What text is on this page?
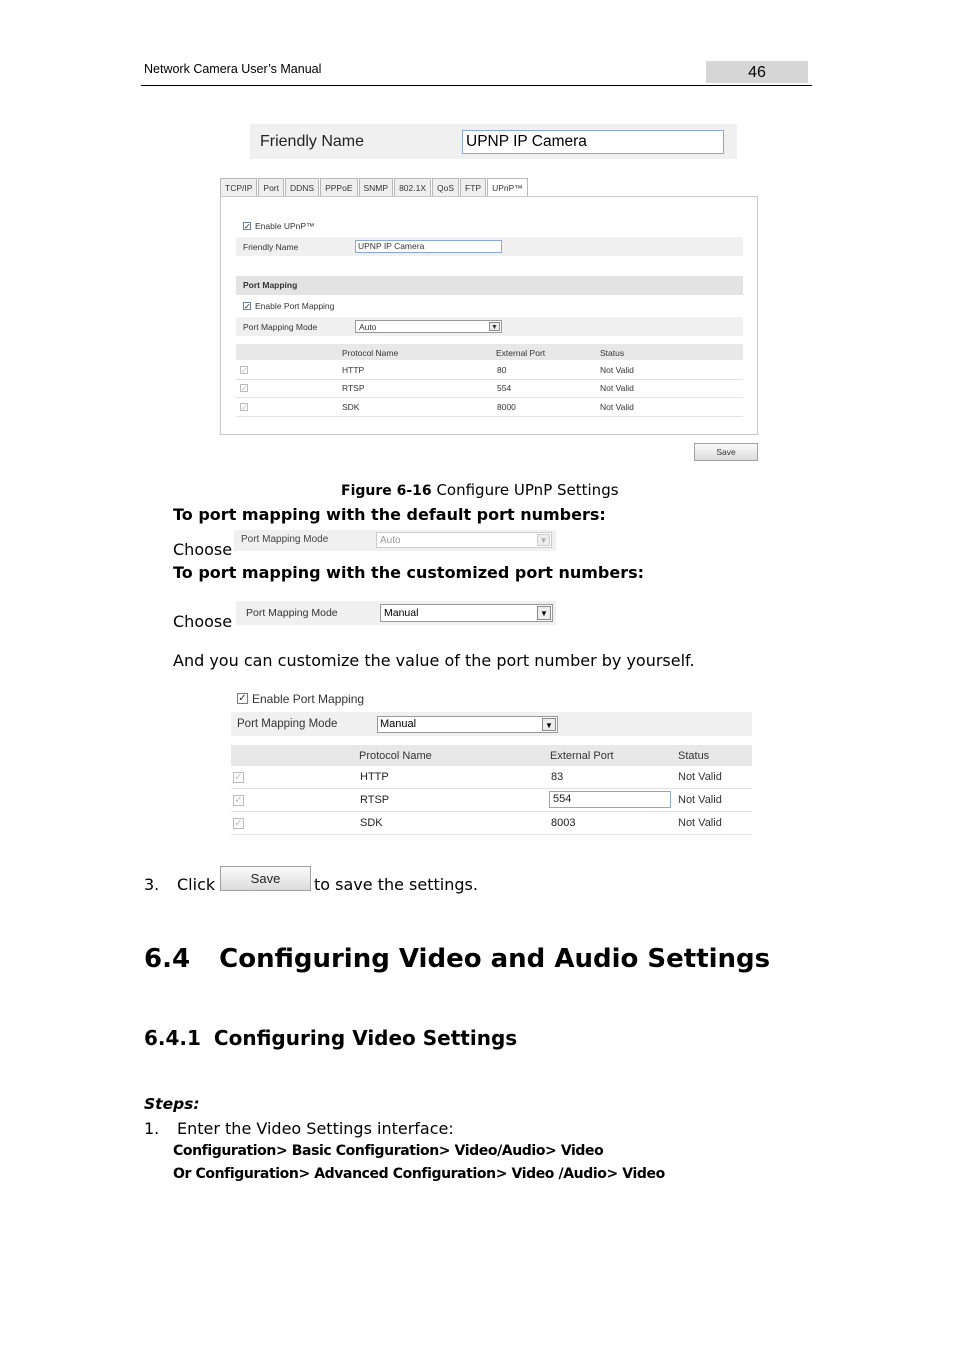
Network Camera User’s Manual	46
Friendly Name	UPNP IP Camera
TCP/IP	Port	DDNS	PPPoE	SNMP	802.1X	QoS	FTP	UPnP™
✓ Enable UPnP™
Friendly Name	UPNP IP Camera
Port Mapping
✓ Enable Port Mapping
Port Mapping Mode	Auto	▼
Protocol Name	External Port	Status
✓	HTTP	80	Not Valid
✓	RTSP	554	Not Valid
✓	SDK	8000	Not Valid
Save
Figure 6-16 Configure UPnP Settings
To port mapping with the default port numbers:
Choose
Port Mapping Mode	Auto	▼
To port mapping with the customized port numbers:
Choose Port Mapping Mode	Manual	▼
And you can customize the value of the port number by yourself.
✓ Enable Port Mapping
Port Mapping Mode	Manual	▼
Protocol Name	External Port	Status
✓	HTTP	83	Not Valid
✓	RTSP	554	Not Valid
✓	SDK	8003	Not Valid
3. Click	Save	to save the settings.
6.4 Configuring Video and Audio Settings
6.4.1 Configuring Video Settings
Steps:
1. Enter the Video Settings interface:
Configuration> Basic Configuration> Video/Audio> Video
Or Configuration> Advanced Configuration> Video /Audio> Video
